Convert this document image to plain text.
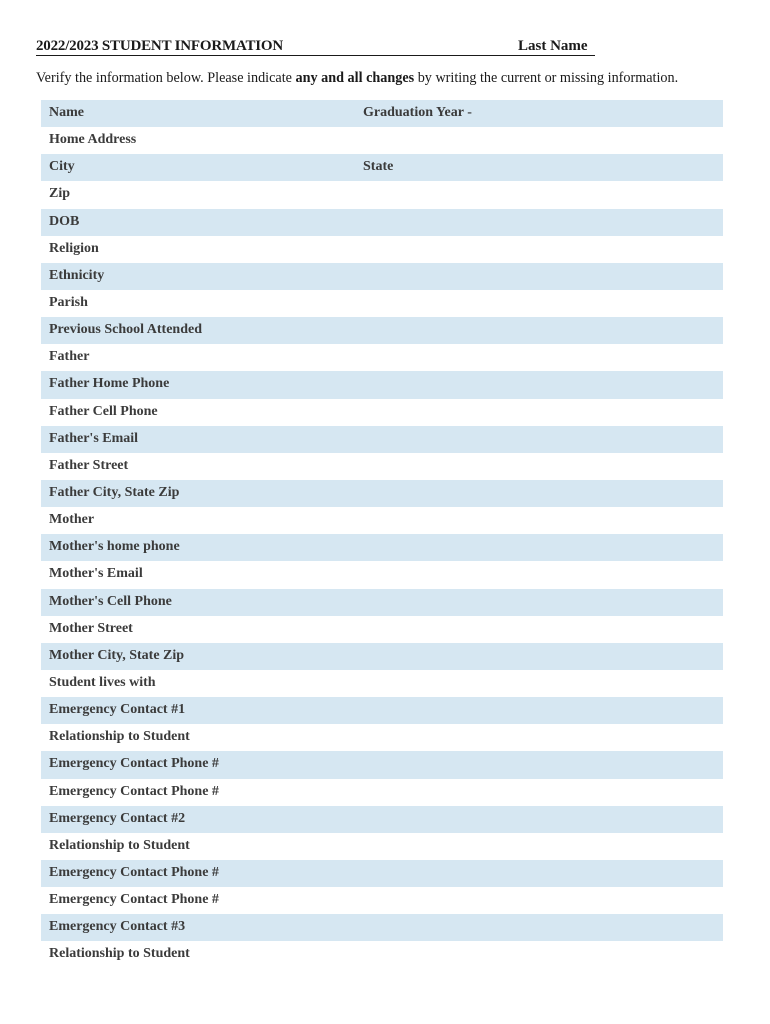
2022/2023 STUDENT INFORMATION	Last Name
Verify the information below. Please indicate any and all changes by writing the current or missing information.
Name	Graduation Year -
Home Address
City	State
Zip
DOB
Religion
Ethnicity
Parish
Previous School Attended
Father
Father Home Phone
Father Cell Phone
Father's Email
Father Street
Father City, State Zip
Mother
Mother's home phone
Mother's Email
Mother's Cell Phone
Mother Street
Mother City, State Zip
Student lives with
Emergency Contact #1
Relationship to Student
Emergency Contact Phone #
Emergency Contact Phone #
Emergency Contact #2
Relationship to Student
Emergency Contact Phone #
Emergency Contact Phone #
Emergency Contact #3
Relationship to Student
